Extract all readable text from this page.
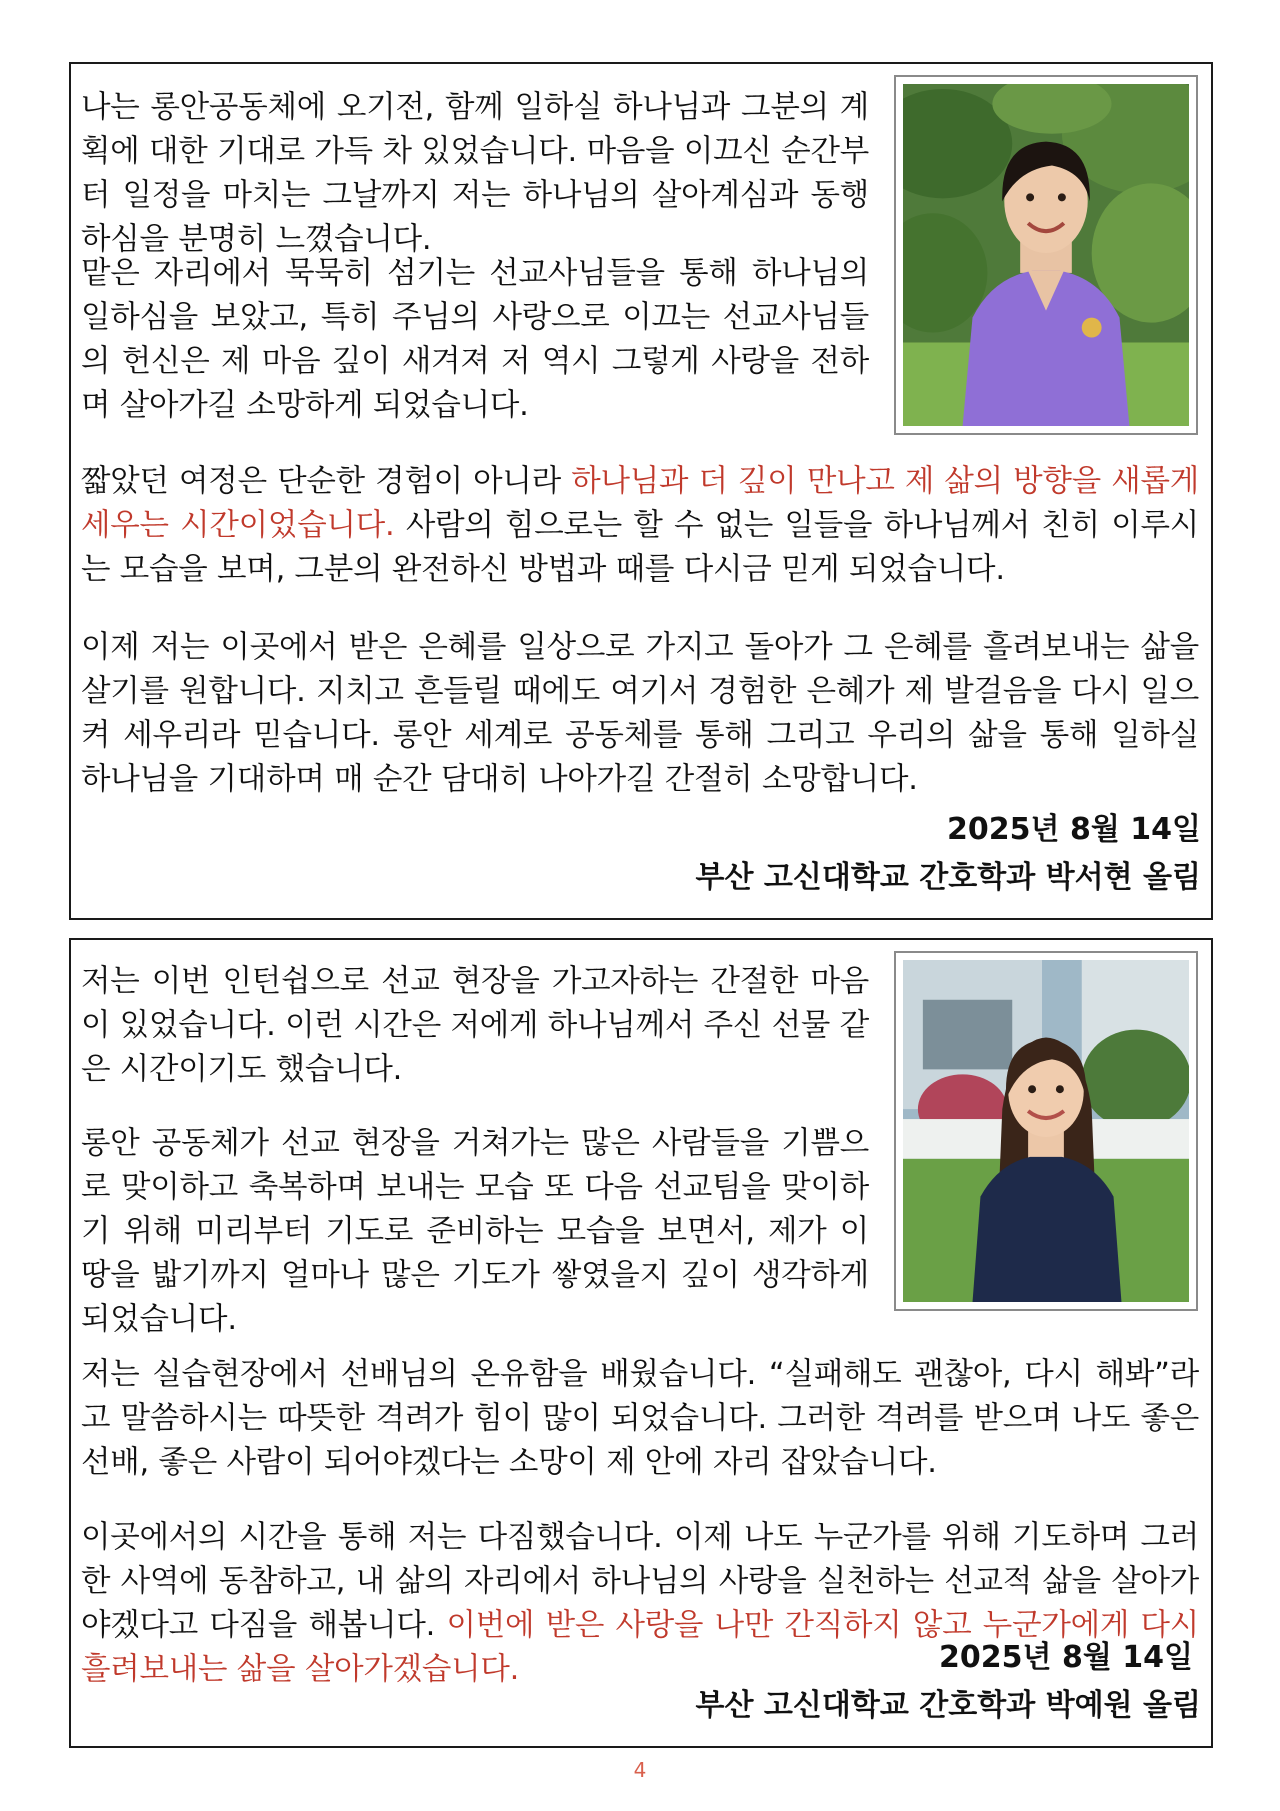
나는 롱안공동체에 오기전, 함께 일하실 하나님과 그분의 계획에 대한 기대로 가득 차 있었습니다. 마음을 이끄신 순간부터 일정을 마치는 그날까지 저는 하나님의 살아계심과 동행하심을 분명히 느꼈습니다.

맡은 자리에서 묵묵히 섬기는 선교사님들을 통해 하나님의 일하심을 보았고, 특히 주님의 사랑으로 이끄는 선교사님들의 헌신은 제 마음 깊이 새겨져 저 역시 그렇게 사랑을 전하며 살아가길 소망하게 되었습니다.

짧았던 여정은 단순한 경험이 아니라 하나님과 더 깊이 만나고 제 삶의 방향을 새롭게 세우는 시간이었습니다. 사람의 힘으로는 할 수 없는 일들을 하나님께서 친히 이루시는 모습을 보며, 그분의 완전하신 방법과 때를 다시금 믿게 되었습니다.

이제 저는 이곳에서 받은 은혜를 일상으로 가지고 돌아가 그 은혜를 흘려보내는 삶을 살기를 원합니다. 지치고 흔들릴 때에도 여기서 경험한 은혜가 제 발걸음을 다시 일으켜 세우리라 믿습니다. 롱안 세계로 공동체를 통해 그리고 우리의 삶을 통해 일하실 하나님을 기대하며 매 순간 담대히 나아가길 간절히 소망합니다.

2025년 8월 14일

부산 고신대학교 간호학과 박서현 올림

저는 이번 인턴쉽으로 선교 현장을 가고자하는 간절한 마음이 있었습니다. 이런 시간은 저에게 하나님께서 주신 선물 같은 시간이기도 했습니다.

롱안 공동체가 선교 현장을 거쳐가는 많은 사람들을 기쁨으로 맞이하고 축복하며 보내는 모습 또 다음 선교팀을 맞이하기 위해 미리부터 기도로 준비하는 모습을 보면서, 제가 이 땅을 밟기까지 얼마나 많은 기도가 쌓였을지 깊이 생각하게 되었습니다.

저는 실습현장에서 선배님의 온유함을 배웠습니다. “실패해도 괜찮아, 다시 해봐”라고 말씀하시는 따뜻한 격려가 힘이 많이 되었습니다. 그러한 격려를 받으며 나도 좋은 선배, 좋은 사람이 되어야겠다는 소망이 제 안에 자리 잡았습니다.

이곳에서의 시간을 통해 저는 다짐했습니다. 이제 나도 누군가를 위해 기도하며 그러한 사역에 동참하고, 내 삶의 자리에서 하나님의 사랑을 실천하는 선교적 삶을 살아가야겠다고 다짐을 해봅니다. 이번에 받은 사랑을 나만 간직하지 않고 누군가에게 다시 흘려보내는 삶을 살아가겠습니다.	2025년 8월 14일

부산 고신대학교 간호학과 박예원 올림

4
